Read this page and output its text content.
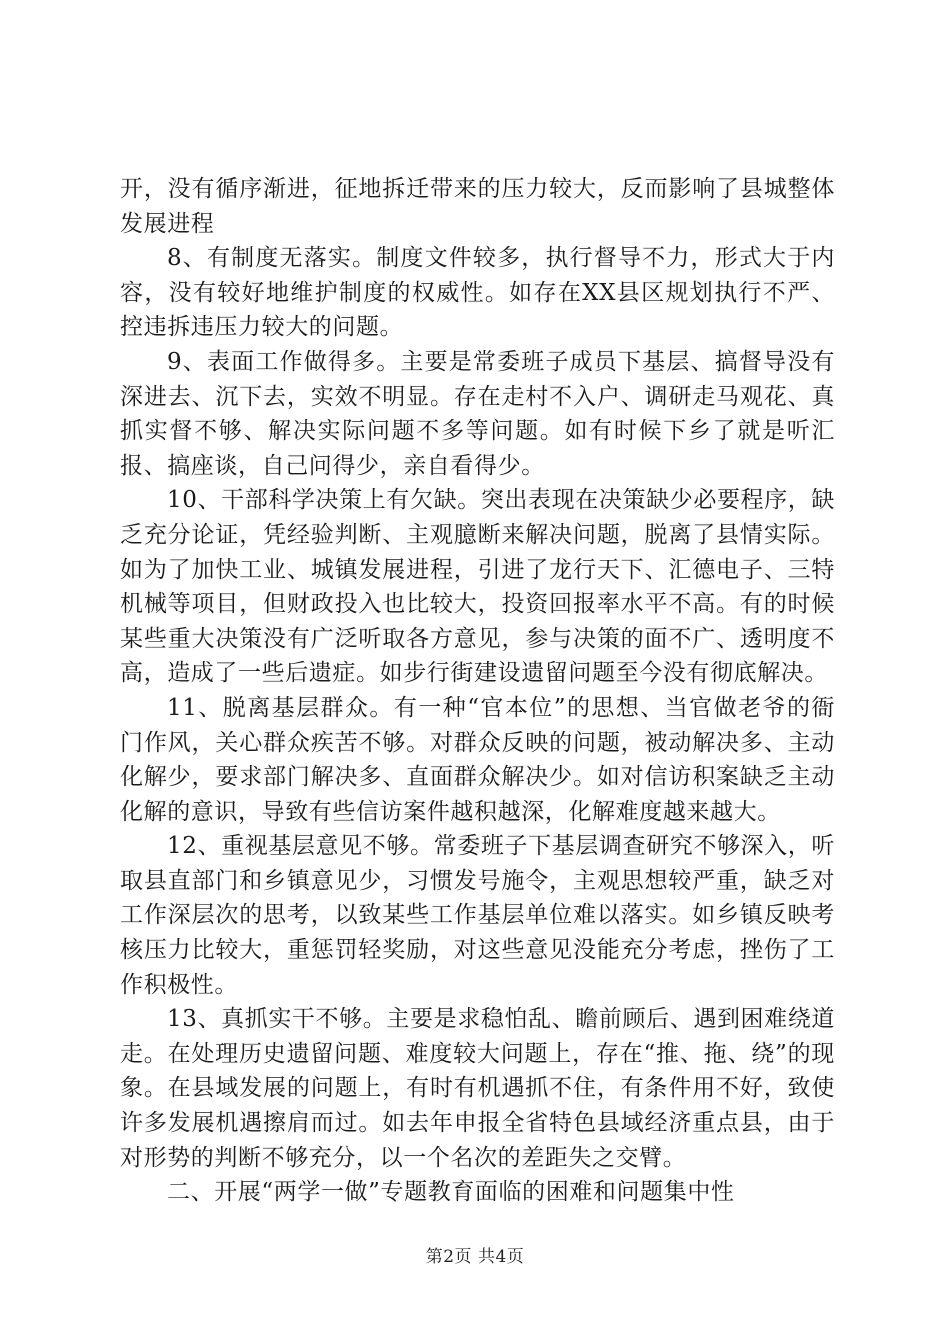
开，没有循序渐进，征地拆迁带来的压力较大，反而影响了县城整体发展进程

8、有制度无落实。制度文件较多，执行督导不力，形式大于内容，没有较好地维护制度的权威性。如存在XX县区规划执行不严、控违拆违压力较大的问题。

9、表面工作做得多。主要是常委班子成员下基层、搞督导没有深进去、沉下去，实效不明显。存在走村不入户、调研走马观花、真抓实督不够、解决实际问题不多等问题。如有时候下乡了就是听汇报、搞座谈，自己问得少，亲自看得少。

10、干部科学决策上有欠缺。突出表现在决策缺少必要程序，缺乏充分论证，凭经验判断、主观臆断来解决问题，脱离了县情实际。如为了加快工业、城镇发展进程，引进了龙行天下、汇德电子、三特机械等项目，但财政投入也比较大，投资回报率水平不高。有的时候某些重大决策没有广泛听取各方意见，参与决策的面不广、透明度不高，造成了一些后遗症。如步行街建设遗留问题至今没有彻底解决。

11、脱离基层群众。有一种“官本位”的思想、当官做老爷的衙门作风，关心群众疾苦不够。对群众反映的问题，被动解决多、主动化解少，要求部门解决多、直面群众解决少。如对信访积案缺乏主动化解的意识，导致有些信访案件越积越深，化解难度越来越大。

12、重视基层意见不够。常委班子下基层调查研究不够深入，听取县直部门和乡镇意见少，习惯发号施令，主观思想较严重，缺乏对工作深层次的思考，以致某些工作基层单位难以落实。如乡镇反映考核压力比较大，重惩罚轻奖励，对这些意见没能充分考虑，挫伤了工作积极性。

13、真抓实干不够。主要是求稳怕乱、瞻前顾后、遇到困难绕道走。在处理历史遗留问题、难度较大问题上，存在“推、拖、绕”的现象。在县域发展的问题上，有时有机遇抓不住，有条件用不好，致使许多发展机遇擦肩而过。如去年申报全省特色县域经济重点县，由于对形势的判断不够充分，以一个名次的差距失之交臂。

二、开展“两学一做”专题教育面临的困难和问题集中性

第2页 共4页
